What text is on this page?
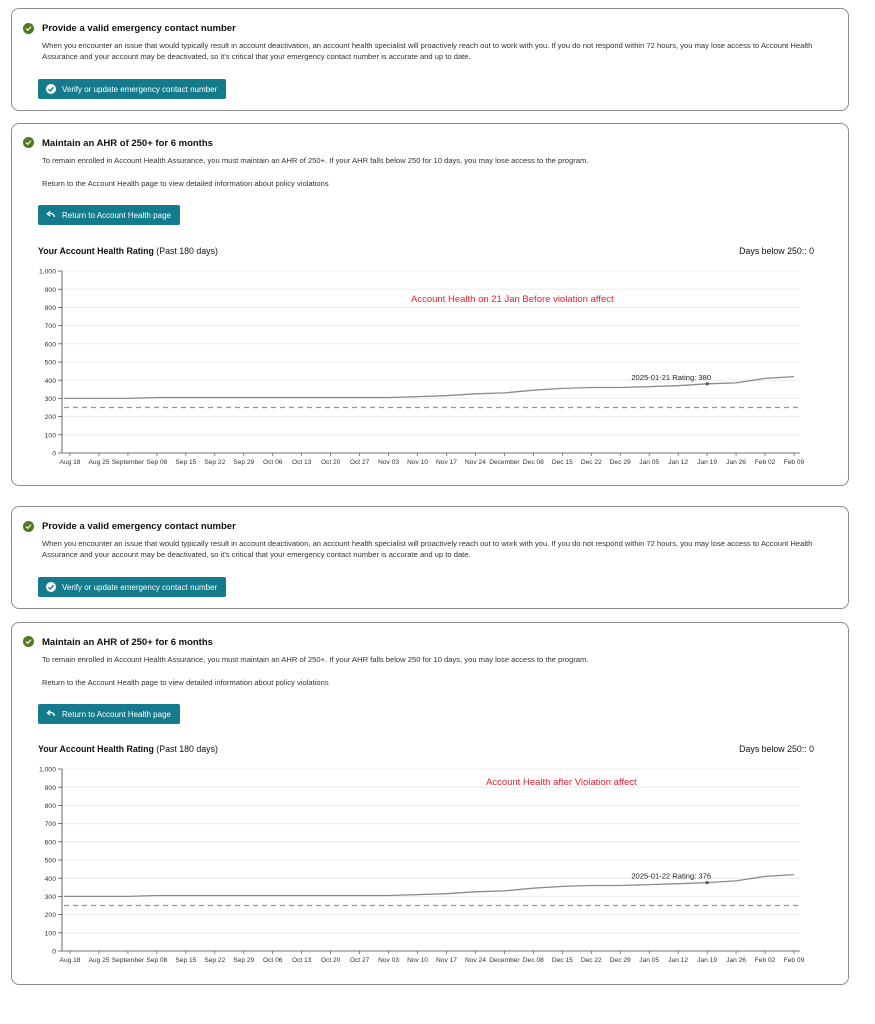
Provide a valid emergency contact number
When you encounter an issue that would typically result in account deactivation, an account health specialist will proactively reach out to work with you. If you do not respond within 72 hours, you may lose access to Account Health Assurance and your account may be deactivated, so it's critical that your emergency contact number is accurate and up to date.
Verify or update emergency contact number
Maintain an AHR of 250+ for 6 months
To remain enrolled in Account Health Assurance, you must maintain an AHR of 250+. If your AHR falls below 250 for 10 days, you may lose access to the program.
Return to the Account Health page to view detailed information about policy violations
Return to Account Health page
Your Account Health Rating (Past 180 days)	Days below 250:: 0
1,000
900
800
700
600
500
400
300
200
100
0
Aug 18 Aug 25 September Sep 08 Sep 15 Sep 22 Sep 29 Oct 06 Oct 13 Oct 20 Oct 27 Nov 03 Nov 10 Nov 17 Nov 24 December Dec 08 Dec 15 Dec 22 Dec 29 Jan 05 Jan 12 Jan 19 Jan 26 Feb 02 Feb 09
2025-01-21 Rating: 380
Account Health on 21 Jan Before violation affect
Provide a valid emergency contact number
When you encounter an issue that would typically result in account deactivation, an account health specialist will proactively reach out to work with you. If you do not respond within 72 hours, you may lose access to Account Health Assurance and your account may be deactivated, so it's critical that your emergency contact number is accurate and up to date.
Verify or update emergency contact number
Maintain an AHR of 250+ for 6 months
To remain enrolled in Account Health Assurance, you must maintain an AHR of 250+. If your AHR falls below 250 for 10 days, you may lose access to the program.
Return to the Account Health page to view detailed information about policy violations
Return to Account Health page
Your Account Health Rating (Past 180 days)	Days below 250:: 0
1,000
900
800
700
600
500
400
300
200
100
0
Aug 18 Aug 25 September Sep 08 Sep 15 Sep 22 Sep 29 Oct 06 Oct 13 Oct 20 Oct 27 Nov 03 Nov 10 Nov 17 Nov 24 December Dec 08 Dec 15 Dec 22 Dec 29 Jan 05 Jan 12 Jan 19 Jan 26 Feb 02 Feb 09
2025-01-22 Rating: 376
Account Health after Violation affect
